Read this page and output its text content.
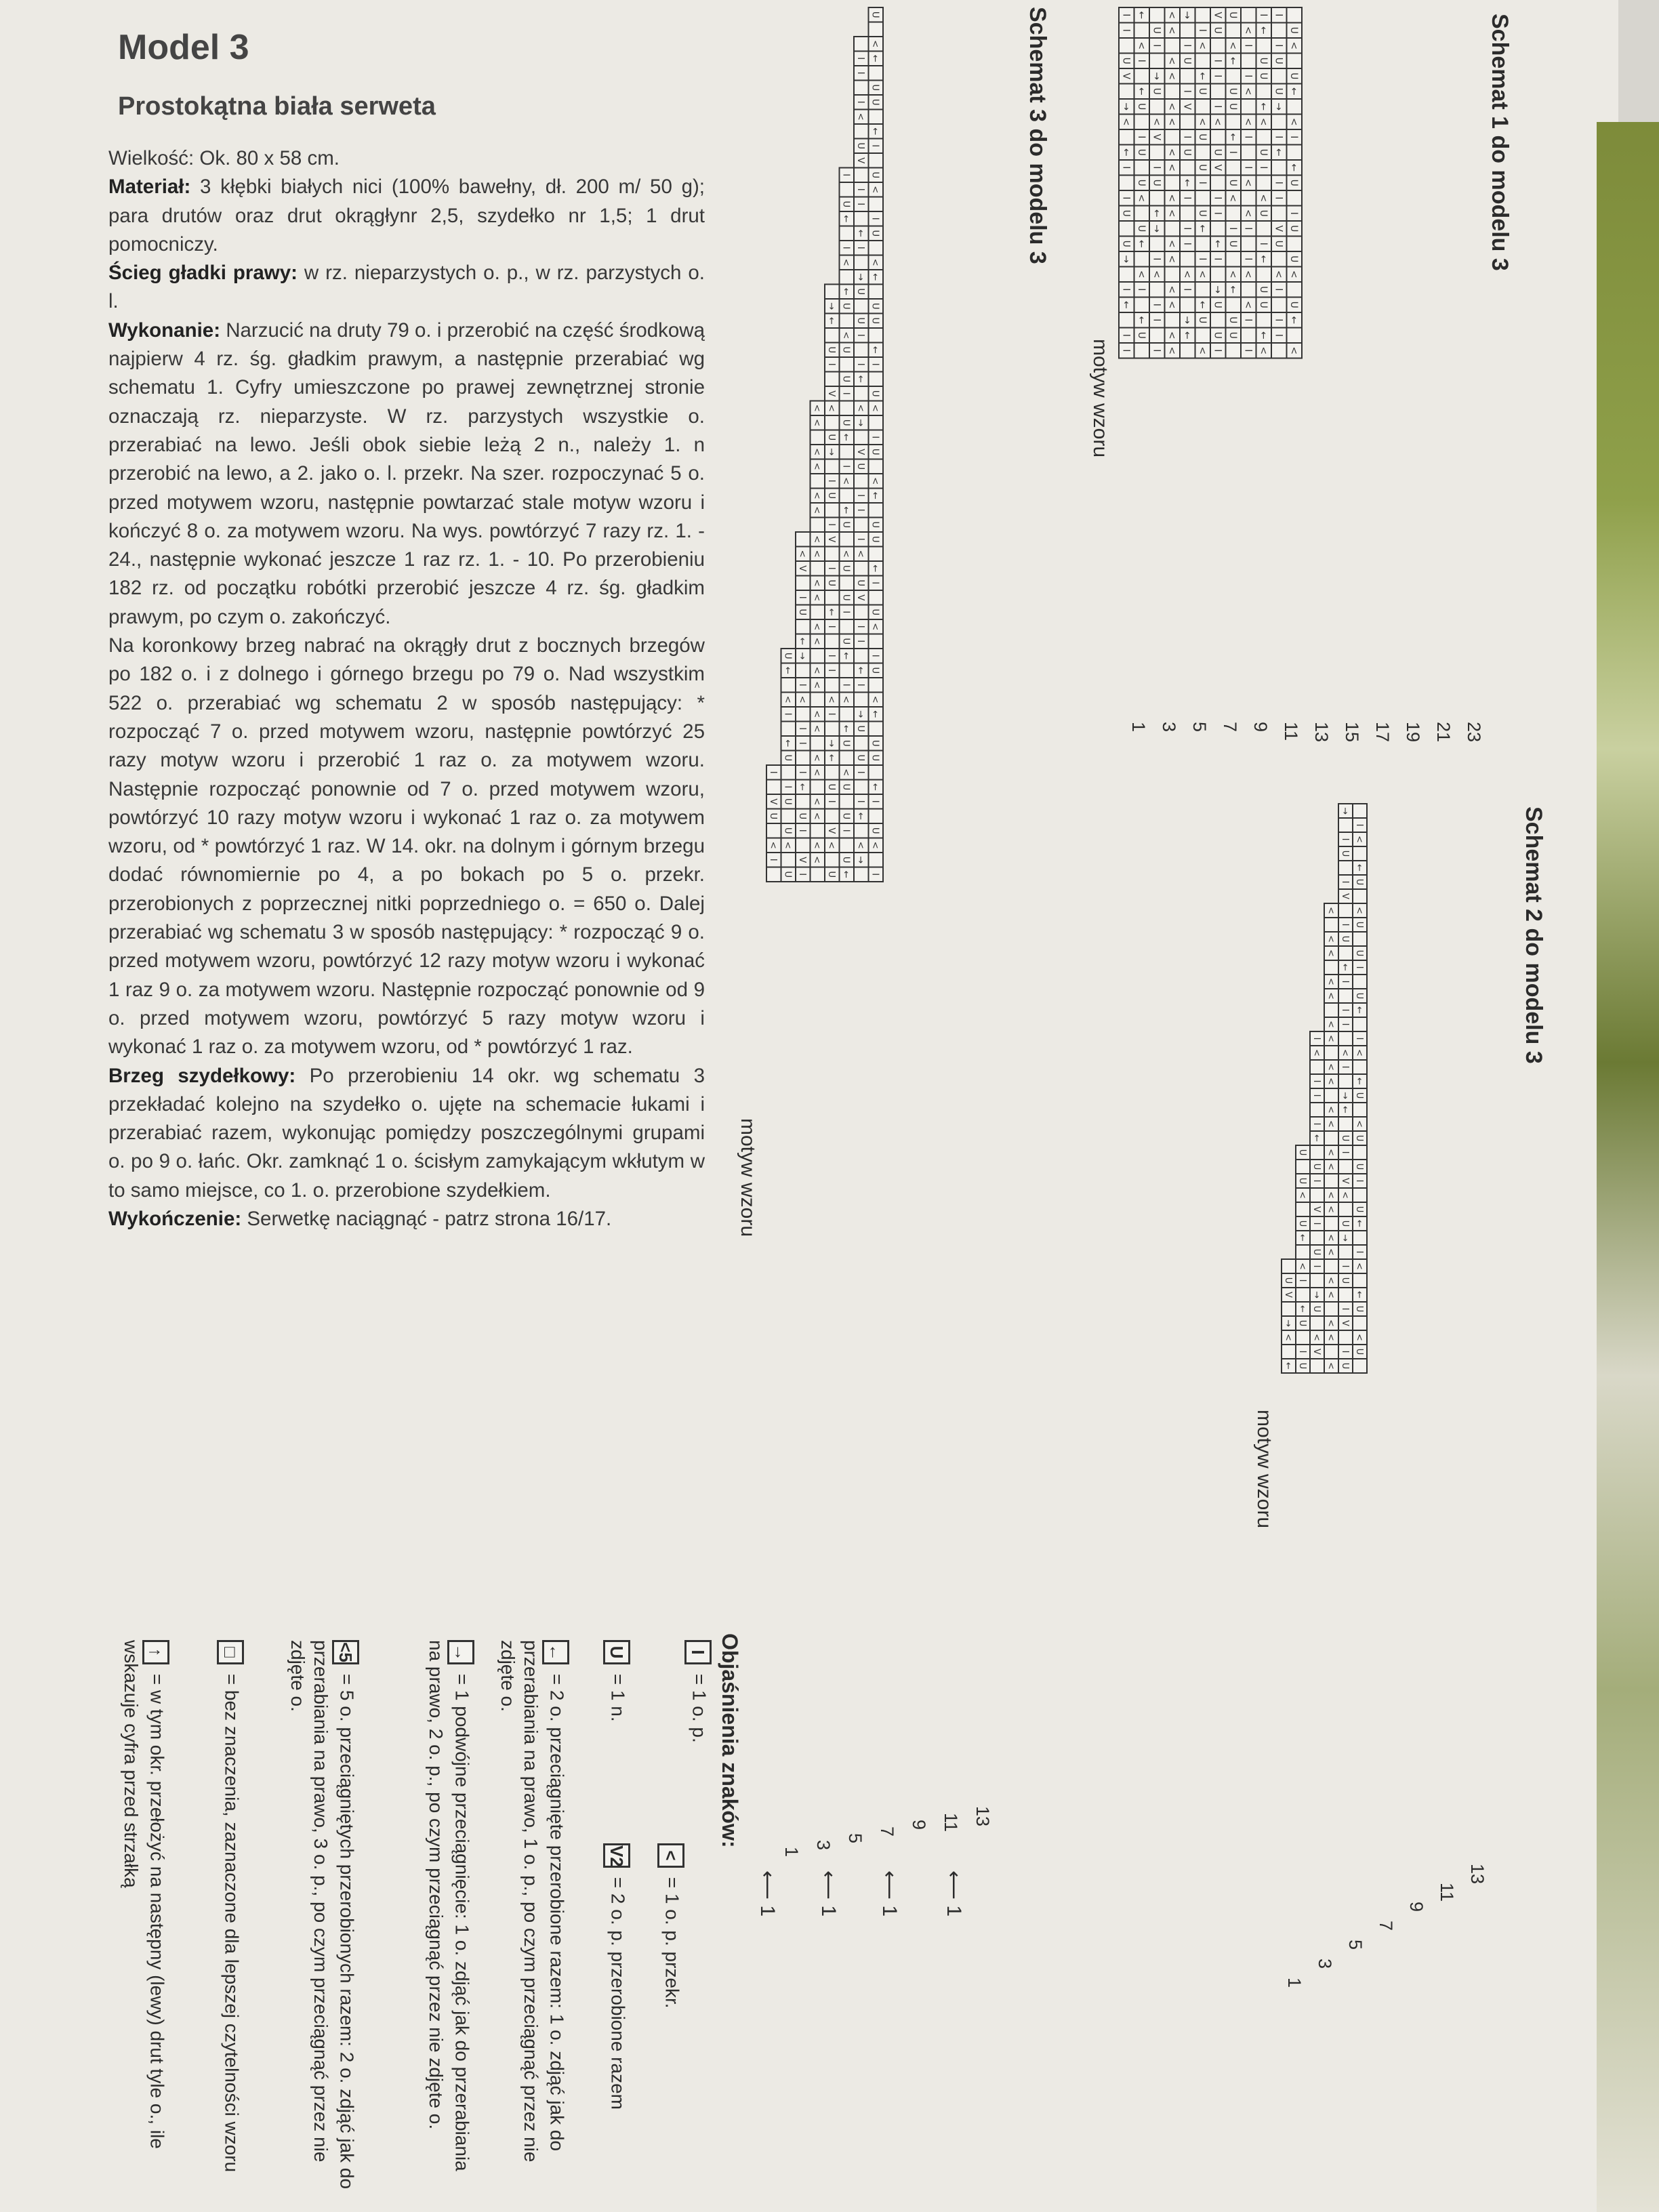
Model 3
Prostokątna biała serweta

Wielkość: Ok. 80 x 58 cm.

Materiał: 3 kłębki białych nici (100% bawełny, dł. 200 m/ 50 g); para drutów oraz drut okrągłynr 2,5, szydełko nr 1,5; 1 drut pomocniczy.

Ścieg gładki prawy: w rz. nieparzystych o. p., w rz. parzystych o. l.

Wykonanie: Narzucić na druty 79 o. i przerobić na część środkową najpierw 4 rz. śg. gładkim prawym, a następnie przerabiać wg schematu 1. Cyfry umieszczone po prawej zewnętrznej stronie oznaczają rz. nieparzyste. W rz. parzystych wszystkie o. przerabiać na lewo. Jeśli obok siebie leżą 2 n., należy 1. n przerobić na lewo, a 2. jako o. l. przekr. Na szer. rozpoczynać 5 o. przed motywem wzoru, następnie powtarzać stale motyw wzoru i kończyć 8 o. za motywem wzoru. Na wys. powtórzyć 7 razy rz. 1. - 24., następnie wykonać jeszcze 1 raz rz. 1. - 10. Po przerobieniu 182 rz. od początku robótki przerobić jeszcze 4 rz. śg. gładkim prawym, po czym o. zakończyć.

Na koronkowy brzeg nabrać na okrągły drut z bocznych brzegów po 182 o. i z dolnego i górnego brzegu po 79 o. Nad wszystkim 522 o. przerabiać wg schematu 2 w sposób następujący: * rozpocząć 7 o. przed motywem wzoru, następnie powtórzyć 25 razy motyw wzoru i przerobić 1 raz o. za motywem wzoru. Następnie rozpocząć ponownie od 7 o. przed motywem wzoru, powtórzyć 10 razy motyw wzoru i wykonać 1 raz o. za motywem wzoru, od * powtórzyć 1 raz. W 14. okr. na dolnym i górnym brzegu dodać równomiernie po 4, a po bokach po 5 o. przekr. przerobionych z poprzecznej nitki poprzedniego o. = 650 o. Dalej przerabiać wg schematu 3 w sposób następujący: * rozpocząć 9 o. przed motywem wzoru, powtórzyć 12 razy motyw wzoru i wykonać 1 raz 9 o. za motywem wzoru. Następnie rozpocząć ponownie od 9 o. przed motywem wzoru, powtórzyć 5 razy motyw wzoru i wykonać 1 raz o. za motywem wzoru, od * powtórzyć 1 raz.

Brzeg szydełkowy: Po przerobieniu 14 okr. wg schematu 3 przekładać kolejno na szydełko o. ujęte na schemacie łukami i przerabiać razem, wykonując pomiędzy poszczególnymi grupami o. po 9 o. łańc. Okr. zamknąć 1 o. ścisłym zamykającym wkłutym w to samo miejsce, co 1. o. przerobione szydełkiem.

Wykończenie: Serwetkę naciągnąć - patrz strona 16/17.

Schemat 1 do modelu 3
I ← < → V U I I
I U < I U < ← U
< I I < < I I <
U I < U I ← U U
V → < ← I I U U
← U I U U < U ←
→ U < V I U ← →
< < < < < < < <
I V I U ← I I I
← U < U U I U ←
I I < U V I I ←
U U ← I U < I U
I < < I I < < I
U ← < U I < U I
U → I ← I I V U
U ← < I ← U I U
→ I < I I I ← U
< < < < < < < <
I I < I → ← U I
← I < ← U < U U
← I → U U I I ←
I U < ← U U ← I
I I < < I I < <
motyw wzoru
23
21
19
17
15
13
11
9
7
5
3
1
Schemat 2 do modelu 3
→
I
I <
U
←
I U
V
< <
I U
< U
< U
← I
< I
< U
I ←
< I
I < I
< < <
< I
I < ←
I → U
< ←
I < <
← U U
U < I
U < U
U I V I
< < <
V < U
U I U ←
← < →
U < I
< I I <
U I < U
V → < ←
← U I U
→ U < V
< < < <
I V I U
← U < U
motyw wzoru
13
11
9
7
5
3
1
Schemat 3 do modelu 3
U
<
I ←
I
U
I U
<
←
U I
V
I U
I <
U I
← I
← U
I I
< <
→ ←
← U
→ U U
← U U
< I
U U ←
I I I
U ←
V I U
< < < <
< U →
U ← I
< → V U
< I U
I < <
< U I ←
< ← I
I U U
< V I U
< < < <
V I U ←
< U U I
I < U V
U ← I U
< I I <
← < U I
U → I ← I
← < I ← U
I < I I
< < < < <
I < I → ←
I < ← U
← I → U U
U < ← U U
I I < < I
I ← U U ←
V U < I I I
U U < U ←
U I V I U
< < < < < <
I V < U →
U I U ← I
motyw wzoru
13
11
9
7
5
3
1
Objaśnienia znaków:
I = 1 o. p.
< = 1 o. p. przekr.
U = 1 n.
V2 = 2 o. p. przerobione razem
← = 2 o. przeciągnięte przerobione razem: 1 o. zdjąć jak do przerabiania na prawo, 1 o. p., po czym przeciągnąć przez nie zdjęte o.
→ = 1 podwójne przeciągnięcie: 1 o. zdjąć jak do przerabiania na prawo, 2 o. p., po czym przeciągnąć przez nie zdjęte o.
<5 = 5 o. przeciągniętych przerobionych razem: 2 o. zdjąć jak do przerabiania na prawo, 3 o. p., po czym przeciągnąć przez nie zdjęte o.
□ = bez znaczenia, zaznaczone dla lepszej czytelności wzoru
↑ = w tym okr. przełożyć na następny (lewy) drut tyle o., ile wskazuje cyfra przed strzałką
⟵ 1
⟵ 1
⟵ 1
⟵ 1
